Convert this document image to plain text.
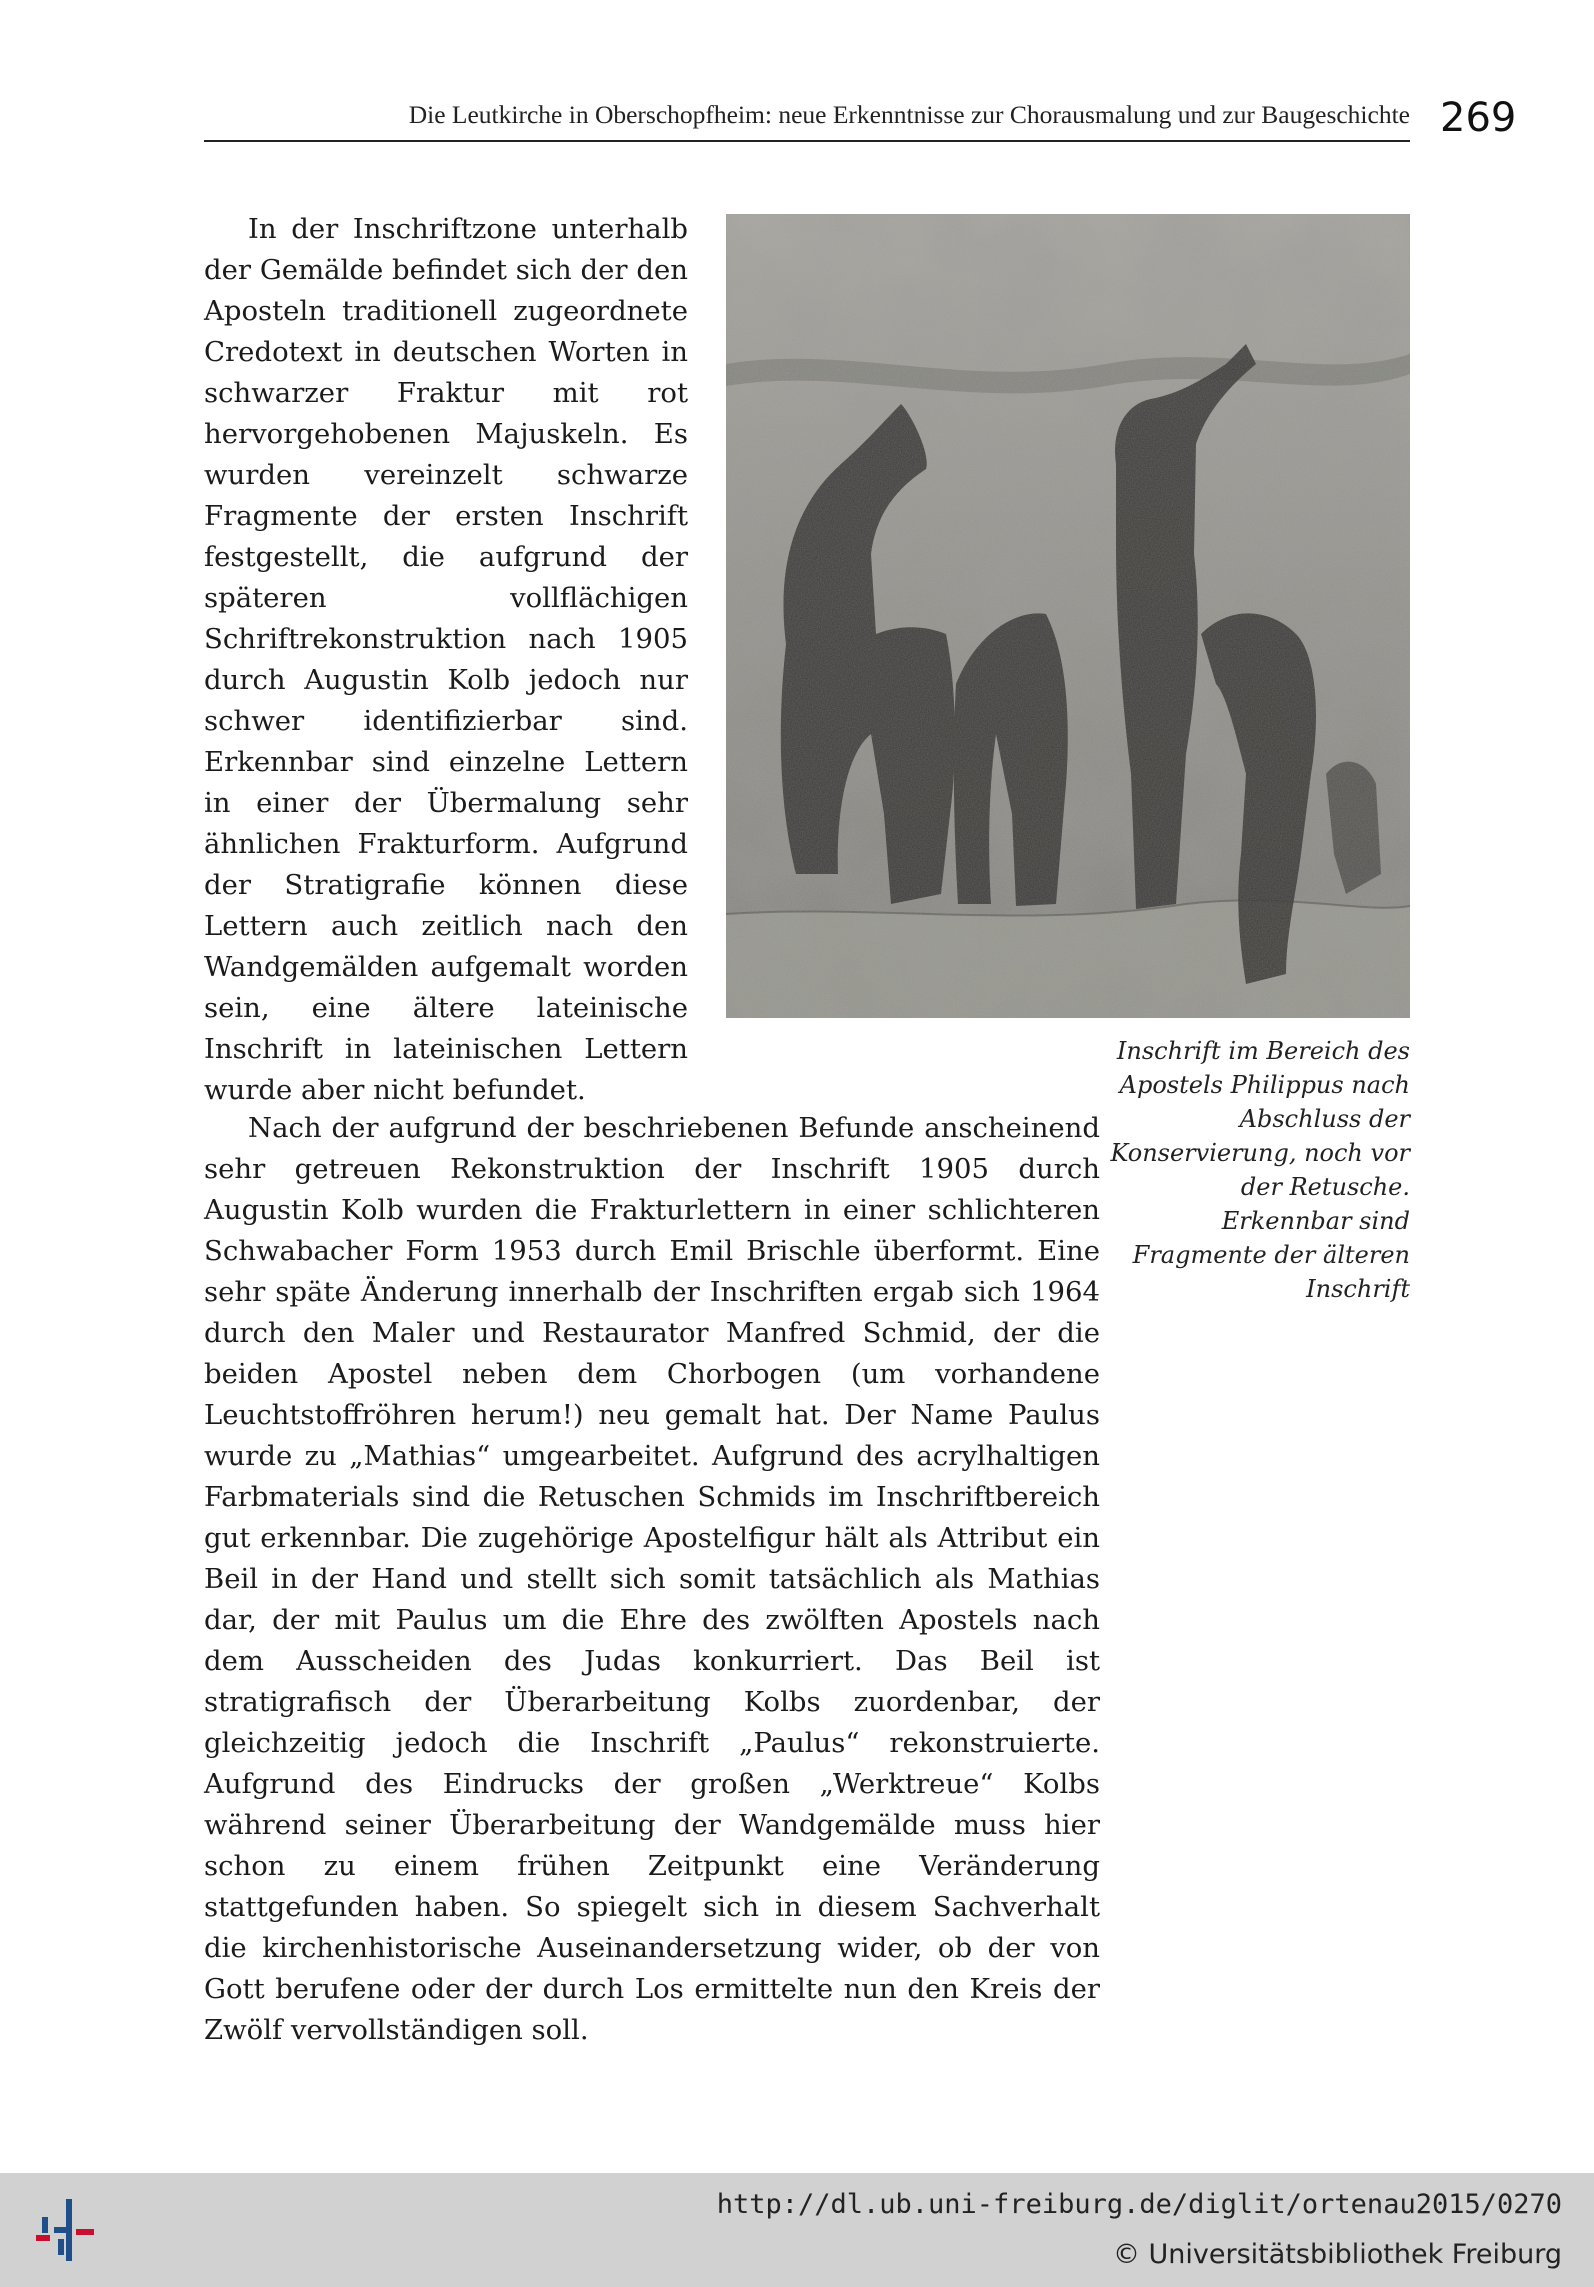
Die Leutkirche in Oberschopfheim: neue Erkenntnisse zur Chorausmalung und zur Baugeschichte 269

In der Inschriftzone unterhalb der Gemälde befindet sich der den Aposteln traditionell zugeordnete Credotext in deutschen Worten in schwarzer Fraktur mit rot hervorgehobenen Majuskeln. Es wurden vereinzelt schwarze Fragmente der ersten Inschrift festgestellt, die aufgrund der späteren vollflächigen Schriftrekonstruktion nach 1905 durch Augustin Kolb jedoch nur schwer identifizierbar sind. Erkennbar sind einzelne Lettern in einer der Übermalung sehr ähnlichen Frakturform. Aufgrund der Stratigrafie können diese Lettern auch zeitlich nach den Wandgemälden aufgemalt worden sein, eine ältere lateinische Inschrift in lateinischen Lettern wurde aber nicht befundet.

Inschrift im Bereich des Apostels Philippus nach Abschluss der Konservierung, noch vor der Retusche. Erkennbar sind Fragmente der älteren Inschrift

Nach der aufgrund der beschriebenen Befunde anscheinend sehr getreuen Rekonstruktion der Inschrift 1905 durch Augustin Kolb wurden die Frakturlettern in einer schlichteren Schwabacher Form 1953 durch Emil Brischle überformt. Eine sehr späte Änderung innerhalb der Inschriften ergab sich 1964 durch den Maler und Restaurator Manfred Schmid, der die beiden Apostel neben dem Chorbogen (um vorhandene Leuchtstoffröhren herum!) neu gemalt hat. Der Name Paulus wurde zu „Mathias“ umgearbeitet. Aufgrund des acrylhaltigen Farbmaterials sind die Retuschen Schmids im Inschriftbereich gut erkennbar. Die zugehörige Apostelfigur hält als Attribut ein Beil in der Hand und stellt sich somit tatsächlich als Mathias dar, der mit Paulus um die Ehre des zwölften Apostels nach dem Ausscheiden des Judas konkurriert. Das Beil ist stratigrafisch der Überarbeitung Kolbs zuordenbar, der gleichzeitig jedoch die Inschrift „Paulus“ rekonstruierte. Aufgrund des Eindrucks der großen „Werktreue“ Kolbs während seiner Überarbeitung der Wandgemälde muss hier schon zu einem frühen Zeitpunkt eine Veränderung stattgefunden haben. So spiegelt sich in diesem Sachverhalt die kirchenhistorische Auseinandersetzung wider, ob der von Gott berufene oder der durch Los ermittelte nun den Kreis der Zwölf vervollständigen soll.

http://dl.ub.uni-freiburg.de/diglit/ortenau2015/0270
© Universitätsbibliothek Freiburg
